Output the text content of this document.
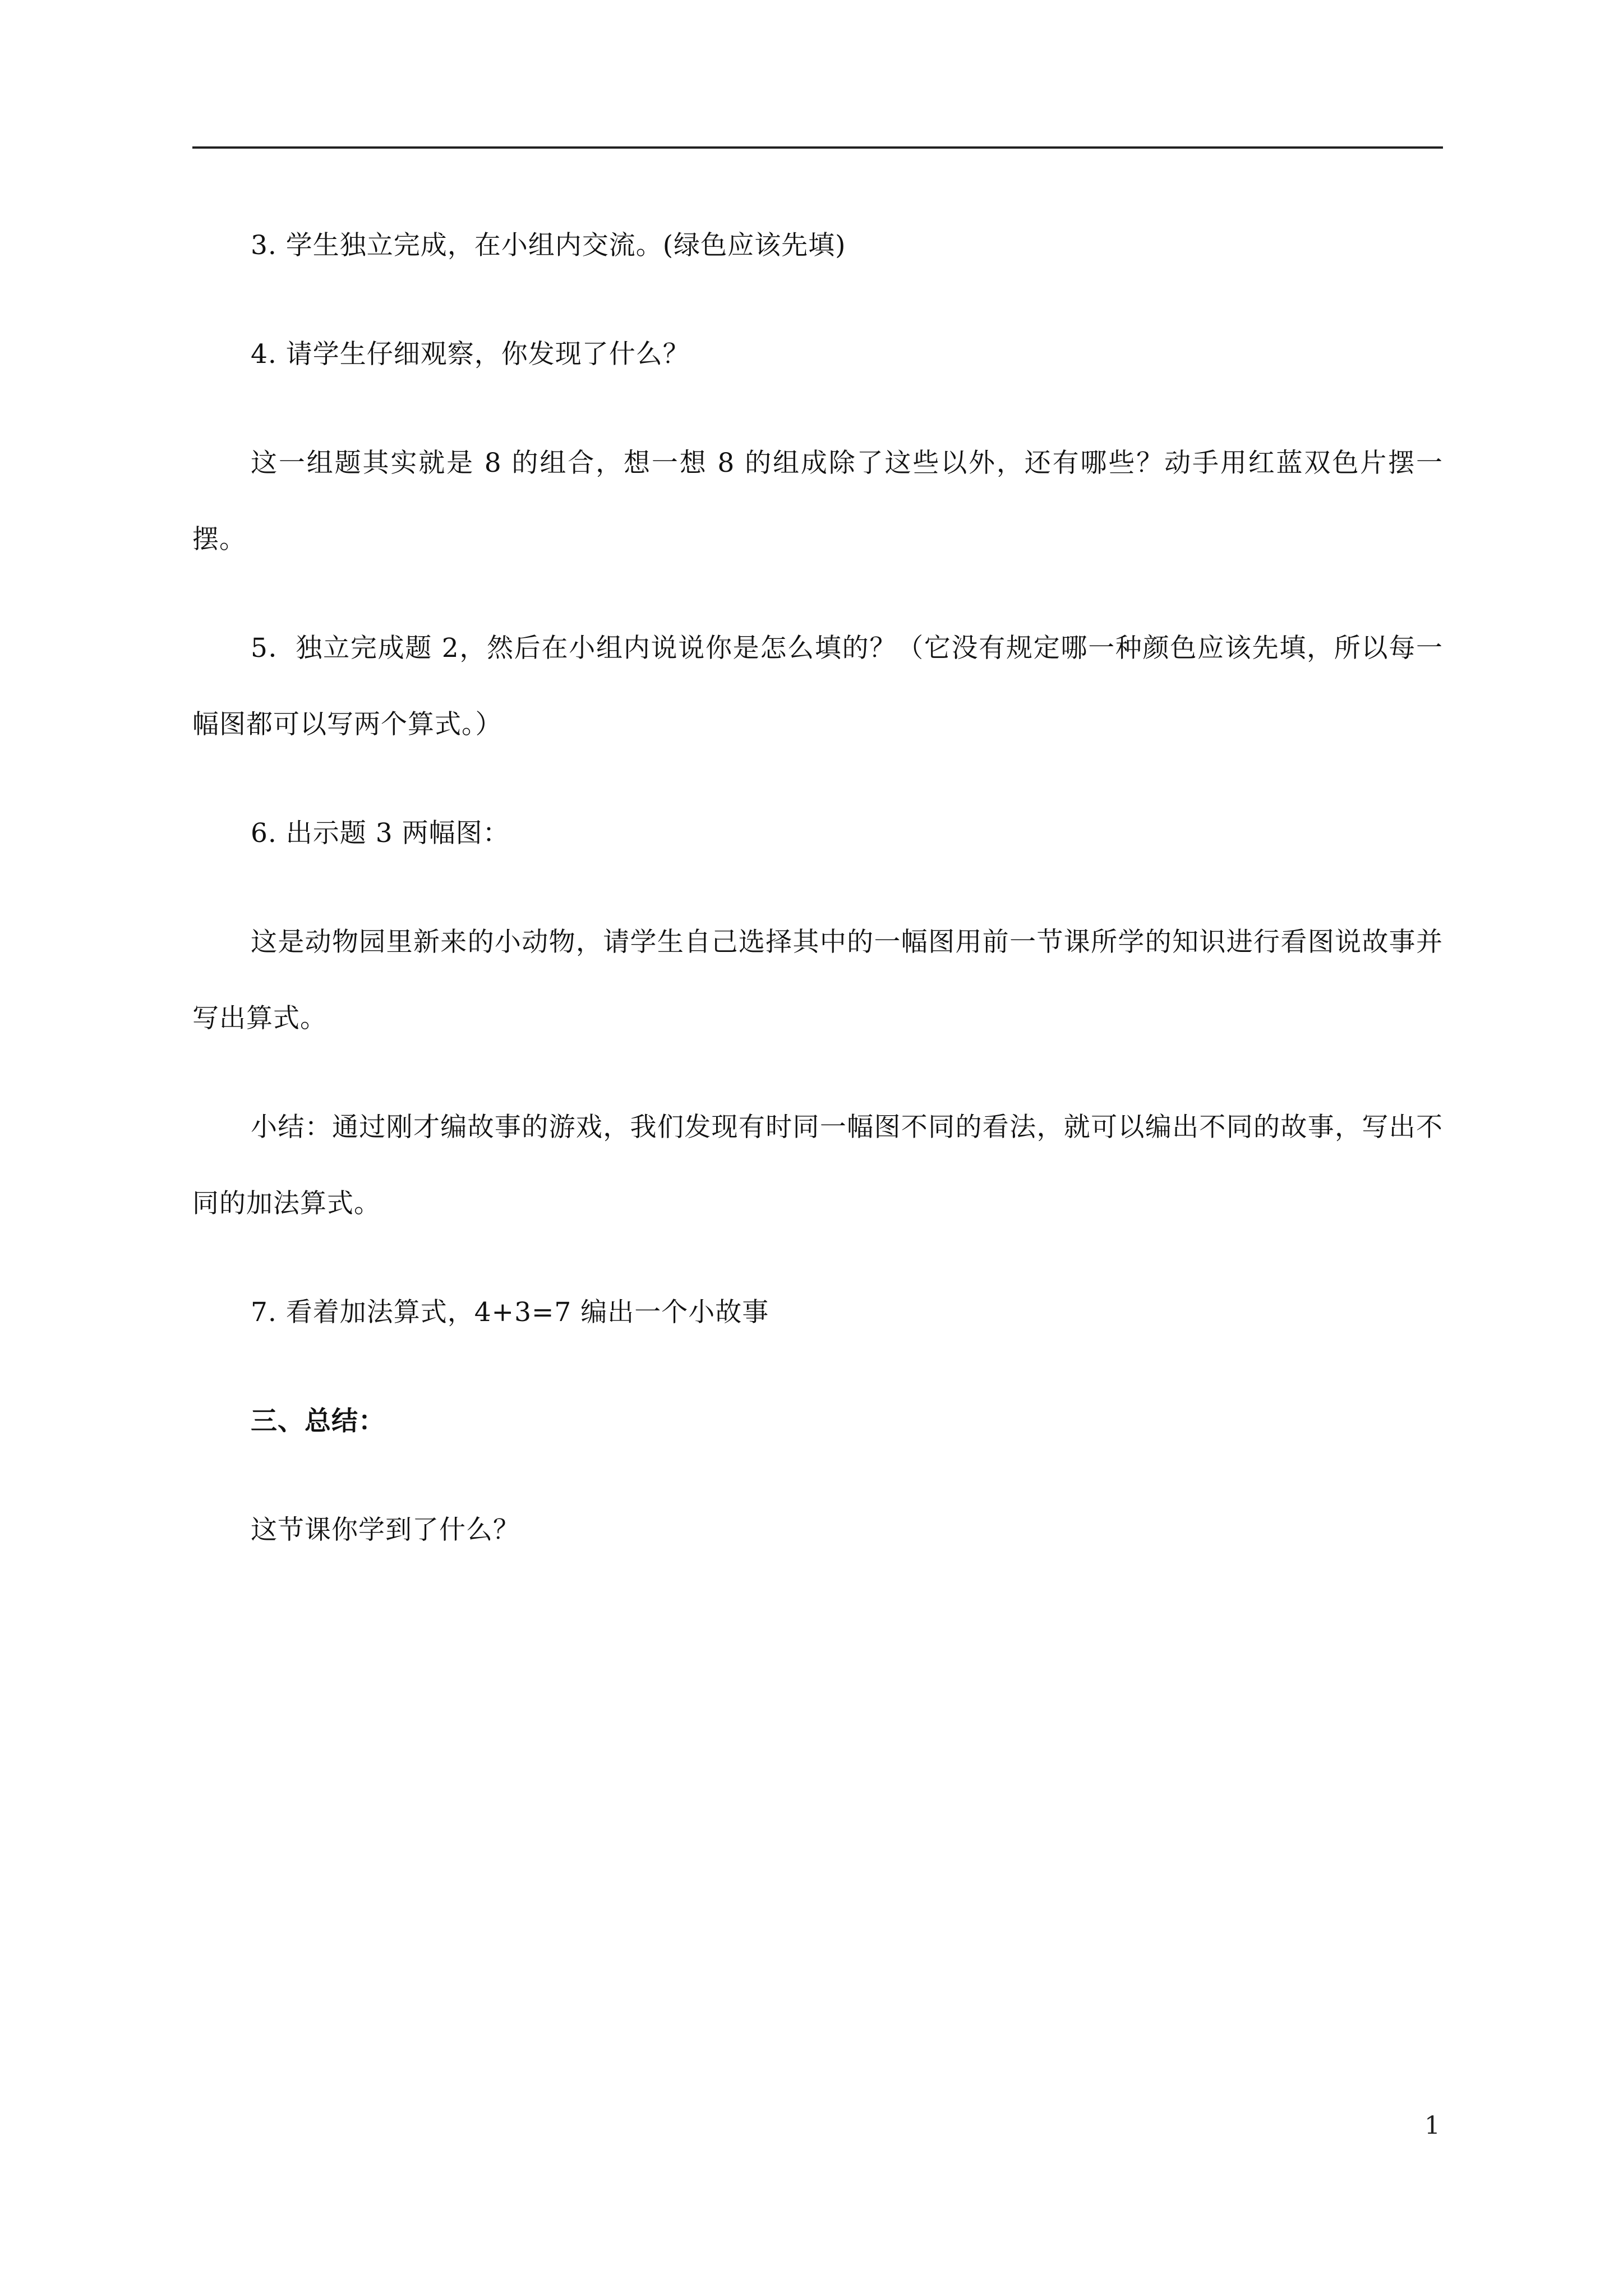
3. 学生独立完成，在小组内交流。(绿色应该先填)

4. 请学生仔细观察，你发现了什么？

这一组题其实就是 8 的组合，想一想 8 的组成除了这些以外，还有哪些？动手用红蓝双色片摆一摆。

5．独立完成题 2，然后在小组内说说你是怎么填的？（它没有规定哪一种颜色应该先填，所以每一幅图都可以写两个算式。）

6. 出示题 3 两幅图：

这是动物园里新来的小动物，请学生自己选择其中的一幅图用前一节课所学的知识进行看图说故事并写出算式。

小结：通过刚才编故事的游戏，我们发现有时同一幅图不同的看法，就可以编出不同的故事，写出不同的加法算式。

7. 看着加法算式，4+3=7 编出一个小故事

三、总结：

这节课你学到了什么？

1
